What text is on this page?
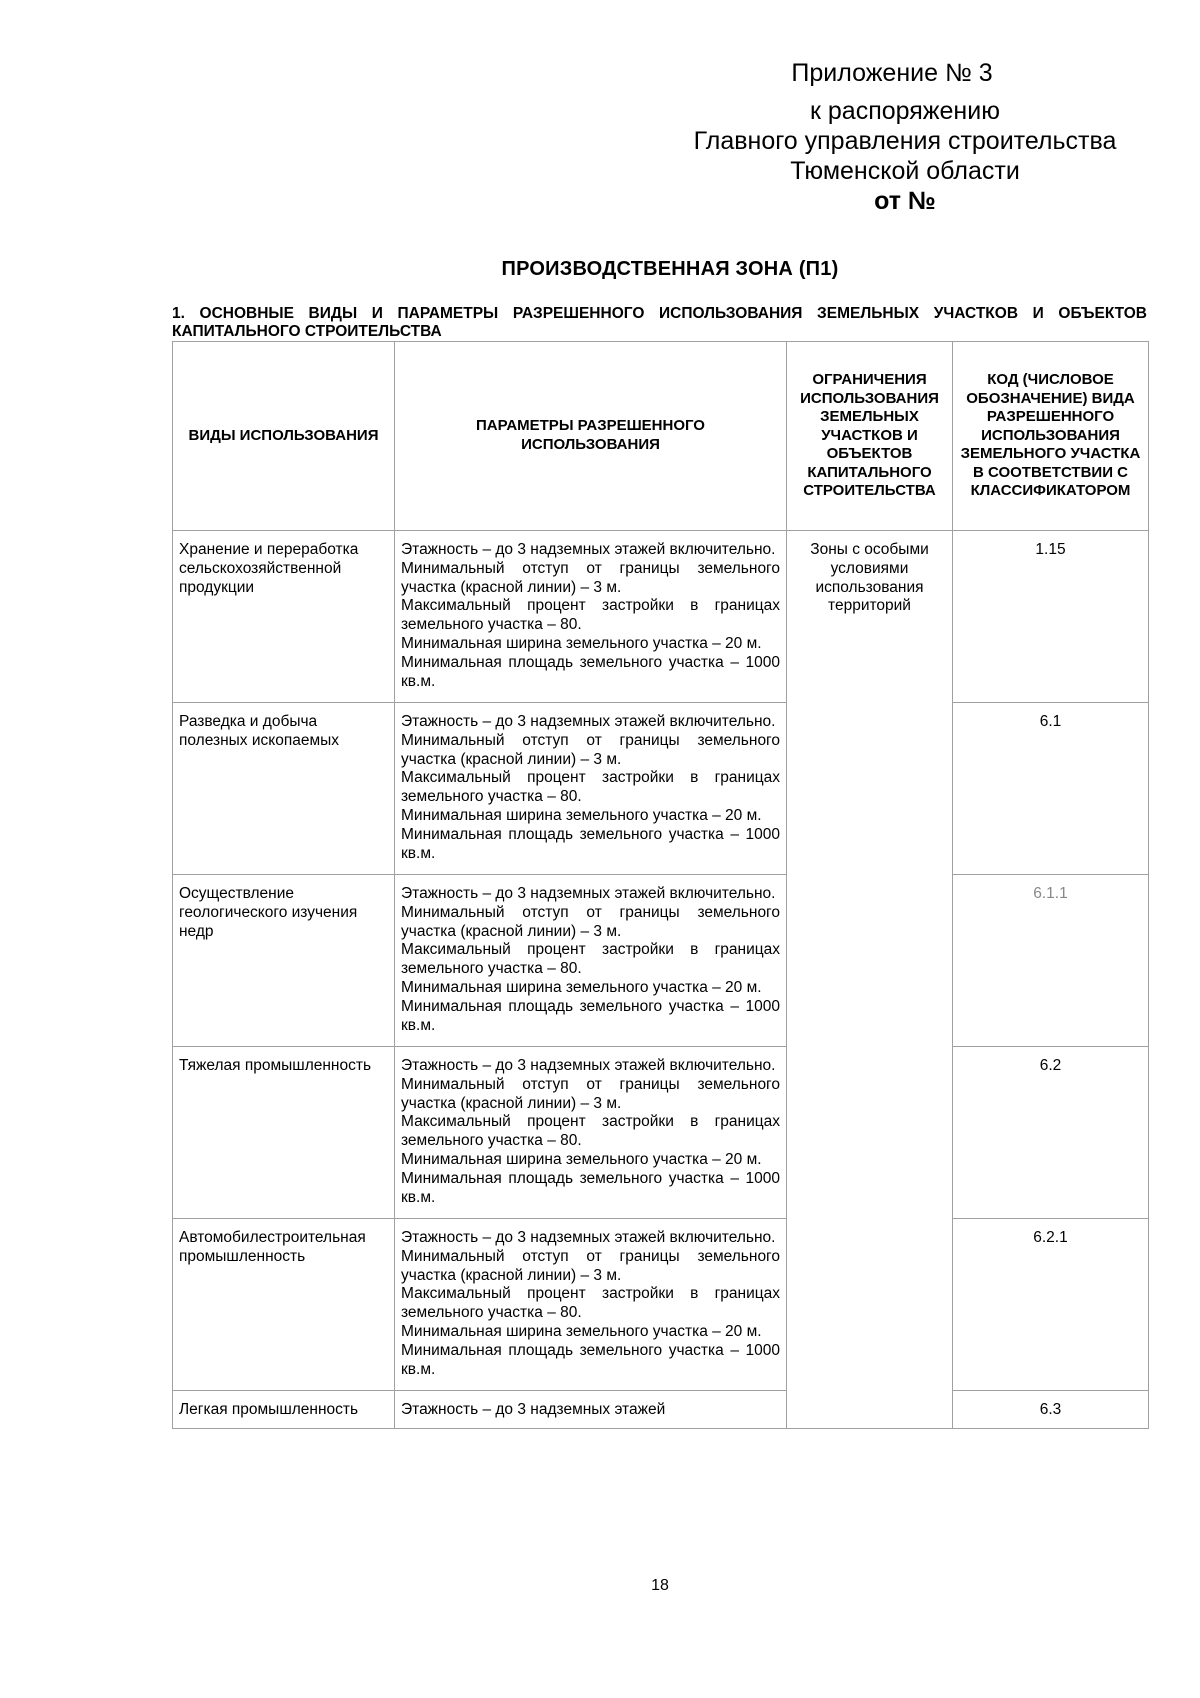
Приложение № 3
к распоряжению
Главного управления строительства
Тюменской области
от №
ПРОИЗВОДСТВЕННАЯ ЗОНА (П1)
1. ОСНОВНЫЕ ВИДЫ И ПАРАМЕТРЫ РАЗРЕШЕННОГО ИСПОЛЬЗОВАНИЯ ЗЕМЕЛЬНЫХ УЧАСТКОВ И ОБЪЕКТОВ КАПИТАЛЬНОГО СТРОИТЕЛЬСТВА
ВИДЫ ИСПОЛЬЗОВАНИЯ	ПАРАМЕТРЫ РАЗРЕШЕННОГО ИСПОЛЬЗОВАНИЯ	ОГРАНИЧЕНИЯ ИСПОЛЬЗОВАНИЯ ЗЕМЕЛЬНЫХ УЧАСТКОВ И ОБЪЕКТОВ КАПИТАЛЬНОГО СТРОИТЕЛЬСТВА	КОД (ЧИСЛОВОЕ ОБОЗНАЧЕНИЕ) ВИДА РАЗРЕШЕННОГО ИСПОЛЬЗОВАНИЯ ЗЕМЕЛЬНОГО УЧАСТКА В СООТВЕТСТВИИ С КЛАССИФИКАТОРОМ

Хранение и переработка сельскохозяйственной продукции	Этажность – до 3 надземных этажей включительно.
Минимальный отступ от границы земельного участка (красной линии) – 3 м.
Максимальный процент застройки в границах земельного участка – 80.
Минимальная ширина земельного участка – 20 м.
Минимальная площадь земельного участка – 1000 кв.м.	Зоны с особыми условиями использования территорий	1.15

Разведка и добыча полезных ископаемых	Этажность – до 3 надземных этажей включительно.
Минимальный отступ от границы земельного участка (красной линии) – 3 м.
Максимальный процент застройки в границах земельного участка – 80.
Минимальная ширина земельного участка – 20 м.
Минимальная площадь земельного участка – 1000 кв.м.		6.1

Осуществление геологического изучения недр	Этажность – до 3 надземных этажей включительно.
Минимальный отступ от границы земельного участка (красной линии) – 3 м.
Максимальный процент застройки в границах земельного участка – 80.
Минимальная ширина земельного участка – 20 м.
Минимальная площадь земельного участка – 1000 кв.м.		6.1.1

Тяжелая промышленность	Этажность – до 3 надземных этажей включительно.
Минимальный отступ от границы земельного участка (красной линии) – 3 м.
Максимальный процент застройки в границах земельного участка – 80.
Минимальная ширина земельного участка – 20 м.
Минимальная площадь земельного участка – 1000 кв.м.		6.2

Автомобилестроительная промышленность	Этажность – до 3 надземных этажей включительно.
Минимальный отступ от границы земельного участка (красной линии) – 3 м.
Максимальный процент застройки в границах земельного участка – 80.
Минимальная ширина земельного участка – 20 м.
Минимальная площадь земельного участка – 1000 кв.м.		6.2.1

Легкая промышленность	Этажность – до 3 надземных этажей		6.3
18
